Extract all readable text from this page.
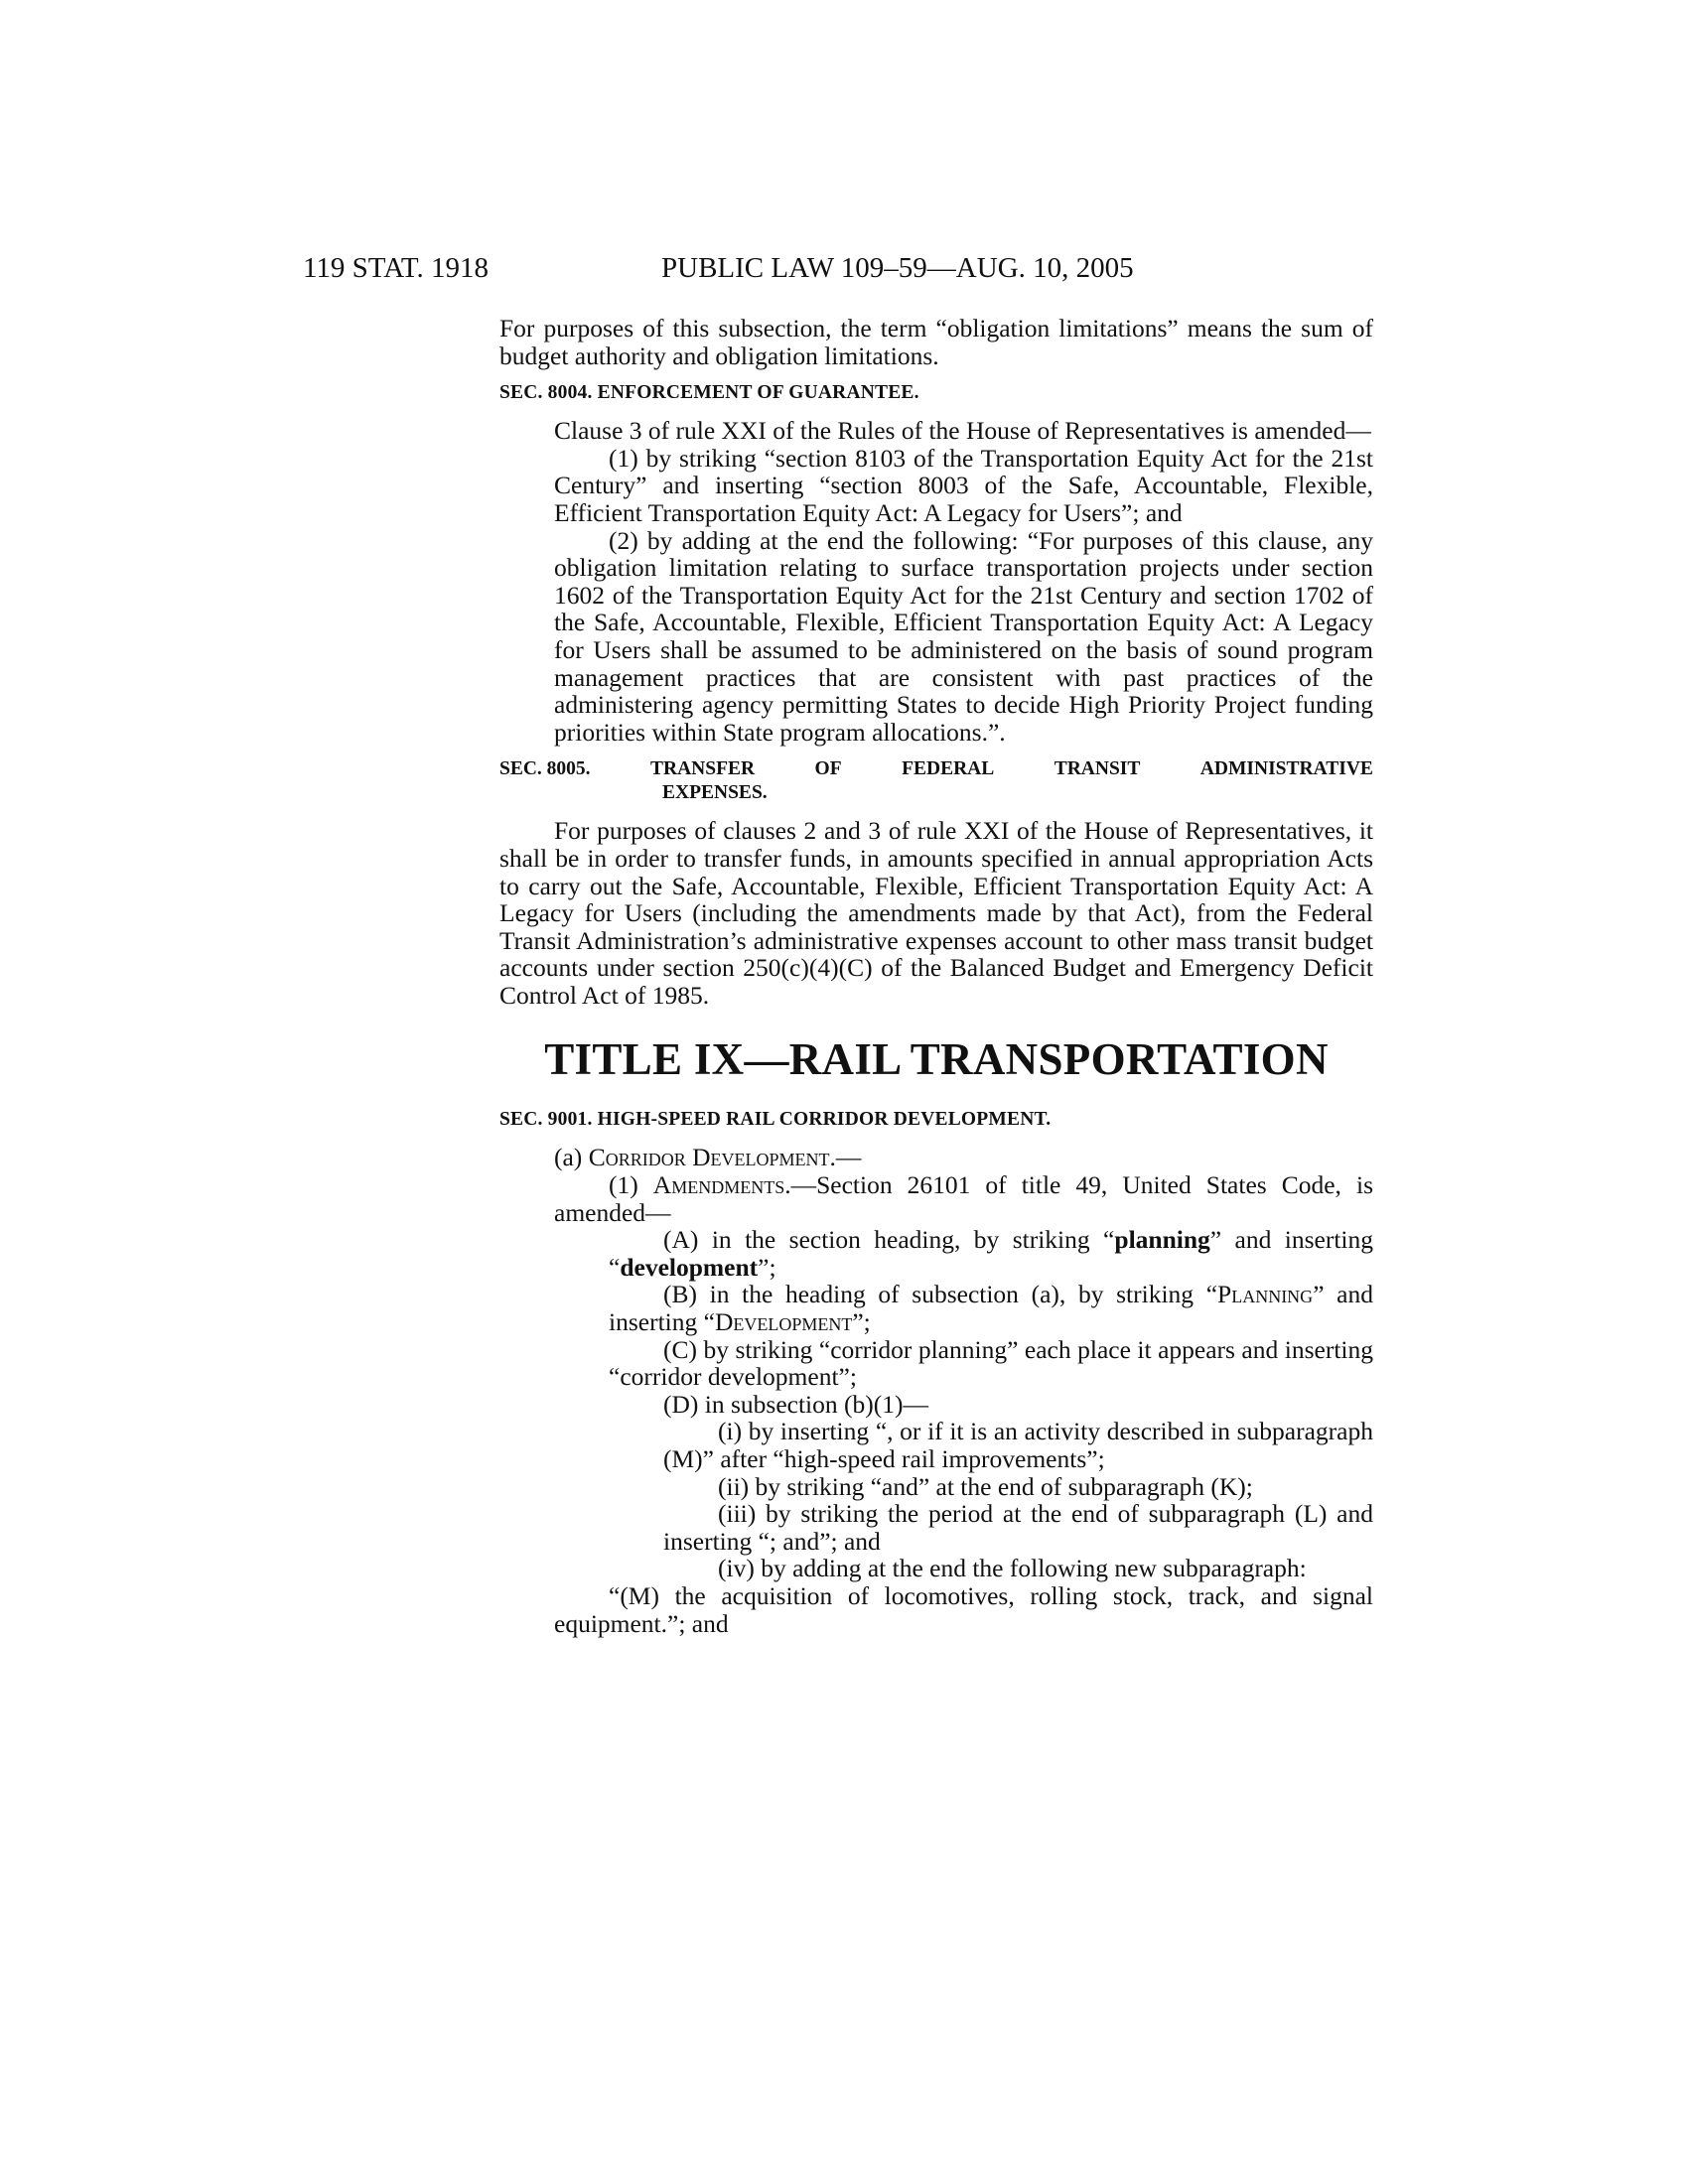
119 STAT. 1918	PUBLIC LAW 109–59—AUG. 10, 2005

For purposes of this subsection, the term “obligation limitations” means the sum of budget authority and obligation limitations.

SEC. 8004. ENFORCEMENT OF GUARANTEE.

Clause 3 of rule XXI of the Rules of the House of Representatives is amended—

(1) by striking “section 8103 of the Transportation Equity Act for the 21st Century” and inserting “section 8003 of the Safe, Accountable, Flexible, Efficient Transportation Equity Act: A Legacy for Users”; and

(2) by adding at the end the following: “For purposes of this clause, any obligation limitation relating to surface transportation projects under section 1602 of the Transportation Equity Act for the 21st Century and section 1702 of the Safe, Accountable, Flexible, Efficient Transportation Equity Act: A Legacy for Users shall be assumed to be administered on the basis of sound program management practices that are consistent with past practices of the administering agency permitting States to decide High Priority Project funding priorities within State program allocations.”.

SEC. 8005.	TRANSFER	OF	FEDERAL	TRANSIT	ADMINISTRATIVE
EXPENSES.

For purposes of clauses 2 and 3 of rule XXI of the House of Representatives, it shall be in order to transfer funds, in amounts specified in annual appropriation Acts to carry out the Safe, Accountable, Flexible, Efficient Transportation Equity Act: A Legacy for Users (including the amendments made by that Act), from the Federal Transit Administration’s administrative expenses account to other mass transit budget accounts under section 250(c)(4)(C) of the Balanced Budget and Emergency Deficit Control Act of 1985.

TITLE IX—RAIL TRANSPORTATION

SEC. 9001. HIGH-SPEED RAIL CORRIDOR DEVELOPMENT.

(a) Corridor Development.—

(1) Amendments.—Section 26101 of title 49, United States Code, is amended—

(A) in the section heading, by striking “planning” and inserting “development”;

(B) in the heading of subsection (a), by striking “Planning” and inserting “Development”;

(C) by striking “corridor planning” each place it appears and inserting “corridor development”;

(D) in subsection (b)(1)—

(i) by inserting “, or if it is an activity described in subparagraph (M)” after “high-speed rail improvements”;

(ii) by striking “and” at the end of subparagraph (K);

(iii) by striking the period at the end of subparagraph (L) and inserting “; and”; and

(iv) by adding at the end the following new subparagraph:

“(M) the acquisition of locomotives, rolling stock, track, and signal equipment.”; and
